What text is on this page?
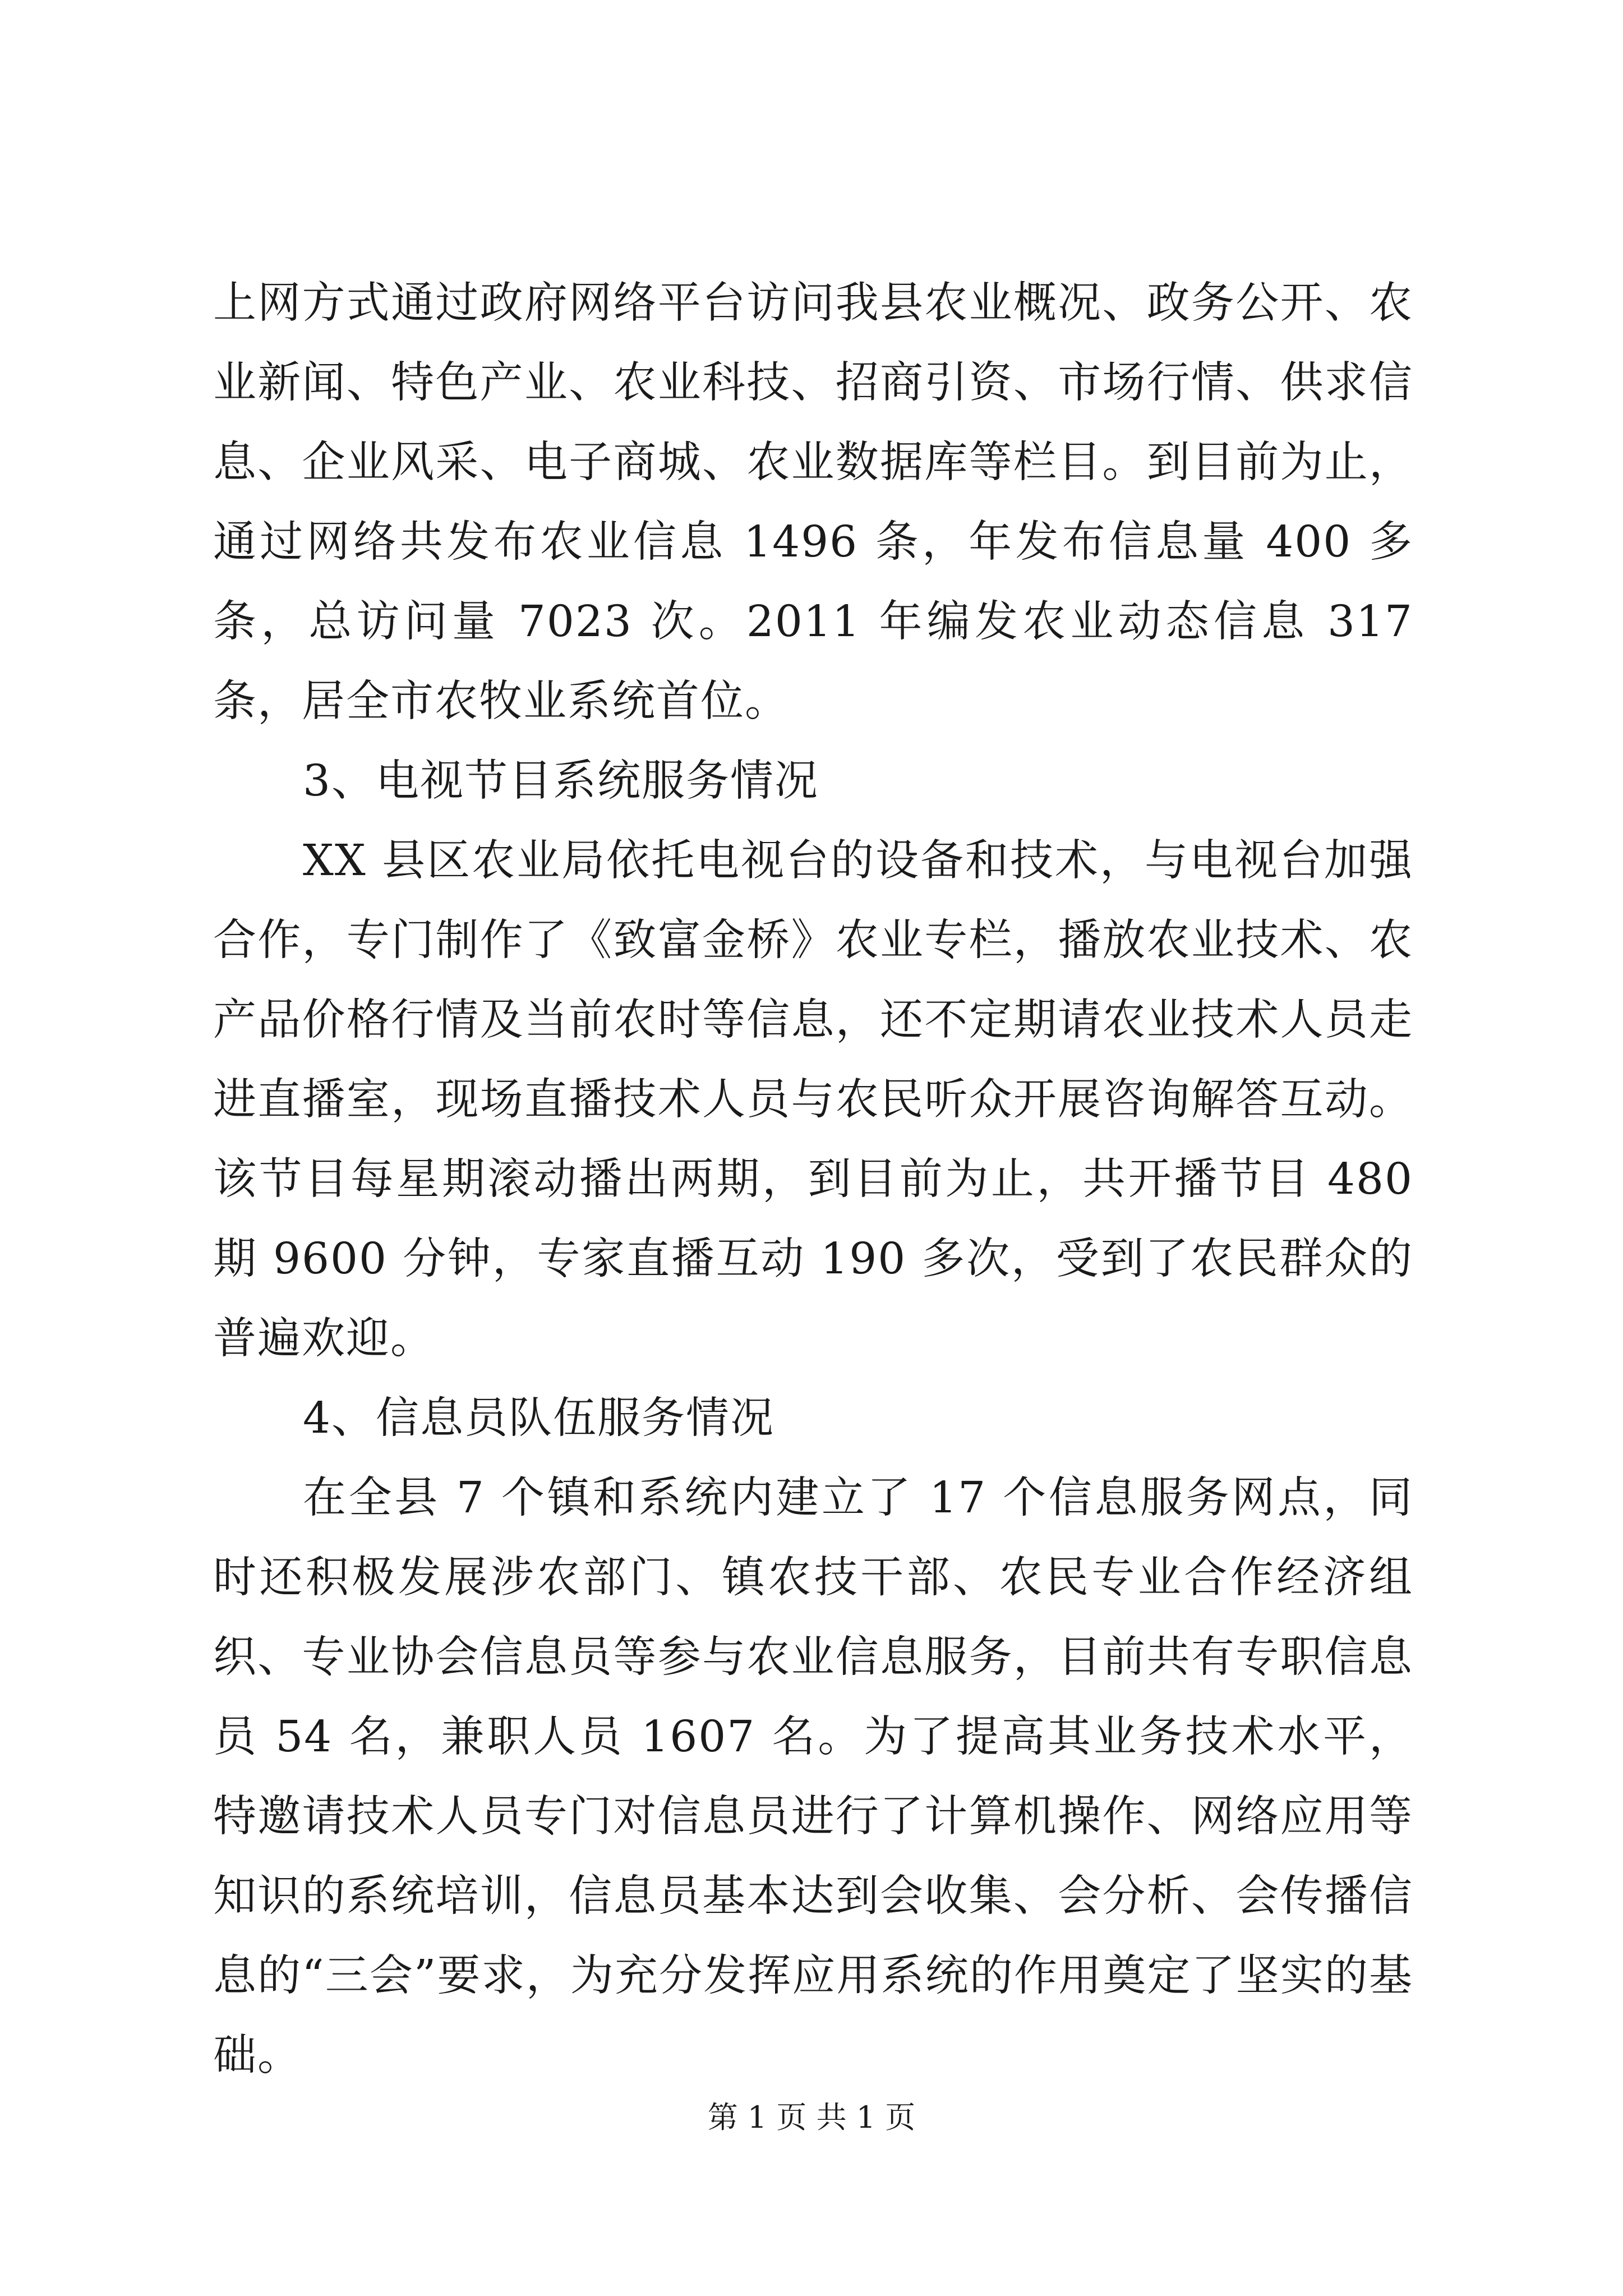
上网方式通过政府网络平台访问我县农业概况、政务公开、农业新闻、特色产业、农业科技、招商引资、市场行情、供求信息、企业风采、电子商城、农业数据库等栏目。到目前为止，通过网络共发布农业信息 1496 条，年发布信息量 400 多条，总访问量 7023 次。2011 年编发农业动态信息 317 条，居全市农牧业系统首位。

3、电视节目系统服务情况

XX 县区农业局依托电视台的设备和技术，与电视台加强合作，专门制作了《致富金桥》农业专栏，播放农业技术、农产品价格行情及当前农时等信息，还不定期请农业技术人员走进直播室，现场直播技术人员与农民听众开展咨询解答互动。该节目每星期滚动播出两期，到目前为止，共开播节目 480 期 9600 分钟，专家直播互动 190 多次，受到了农民群众的普遍欢迎。

4、信息员队伍服务情况

在全县 7 个镇和系统内建立了 17 个信息服务网点，同时还积极发展涉农部门、镇农技干部、农民专业合作经济组织、专业协会信息员等参与农业信息服务，目前共有专职信息员 54 名，兼职人员 1607 名。为了提高其业务技术水平，特邀请技术人员专门对信息员进行了计算机操作、网络应用等知识的系统培训，信息员基本达到会收集、会分析、会传播信息的“三会”要求，为充分发挥应用系统的作用奠定了坚实的基础。

第 1 页 共 1 页
